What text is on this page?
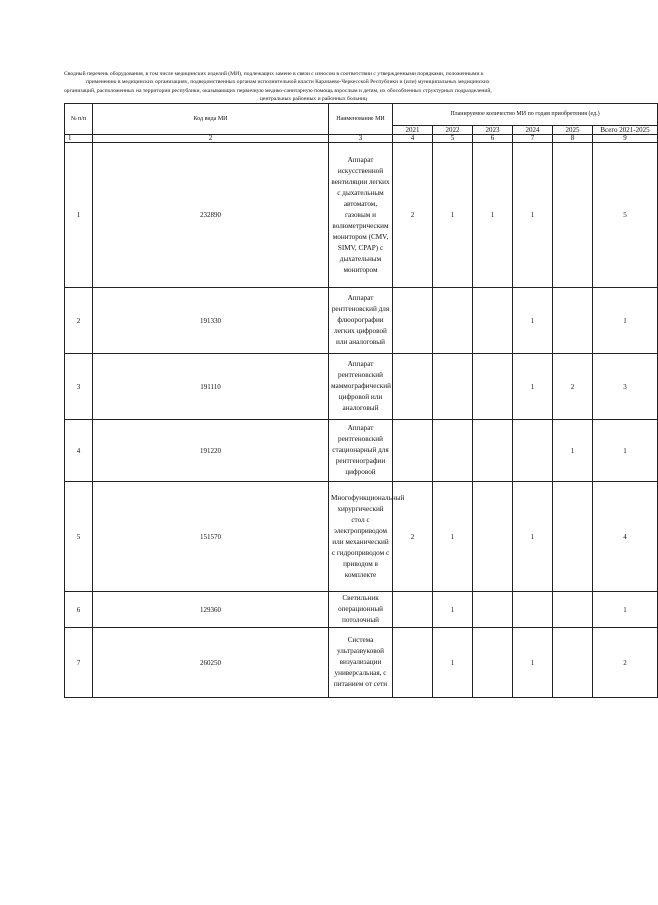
Сводный перечень оборудования, в том числе медицинских изделий (МИ), подлежащих замене в связи с износом в соответствии с утвержденными порядками, положенными к
применению в медицинских организациях, подведомственных органам исполнительной власти Карачаево-Черкесской Республики и (или) муниципальных медицинских
организаций, расположенных на территории республики, оказывающих первичную медико-санитарную помощь взрослым и детям, их обособленных структурных подразделений,
центральных районных и районных больниц
№ п/п	Код вида МИ	Наименование МИ	Планируемое количество МИ по годам приобретения (ед.)					
			2021	2022	2023	2024	2025	Всего 2021-2025
1	2	3	4	5	6	7	8	9
1	232890	Аппарат искусственной вентиляции легких с дыхательным автоматом, газовым и волюметрическим монитором (CMV, SIMV, CPAP) с дыхательным монитором	2	1	1	1		5
2	191330	Аппарат рентгеновский для флюорографии легких цифровой или аналоговый				1		1
3	191110	Аппарат рентгеновский маммографический цифровой или аналоговый				1	2	3
4	191220	Аппарат рентгеновский стационарный для рентгенографии цифровой					1	1
5	151570	Многофункциональный хирургический стол с электроприводом или механический с гидроприводом с приводом в комплекте	2	1		1		4
6	129360	Светильник операционный потолочный		1				1
7	260250	Система ультразвуковой визуализации универсальная, с питанием от сети		1		1		2
